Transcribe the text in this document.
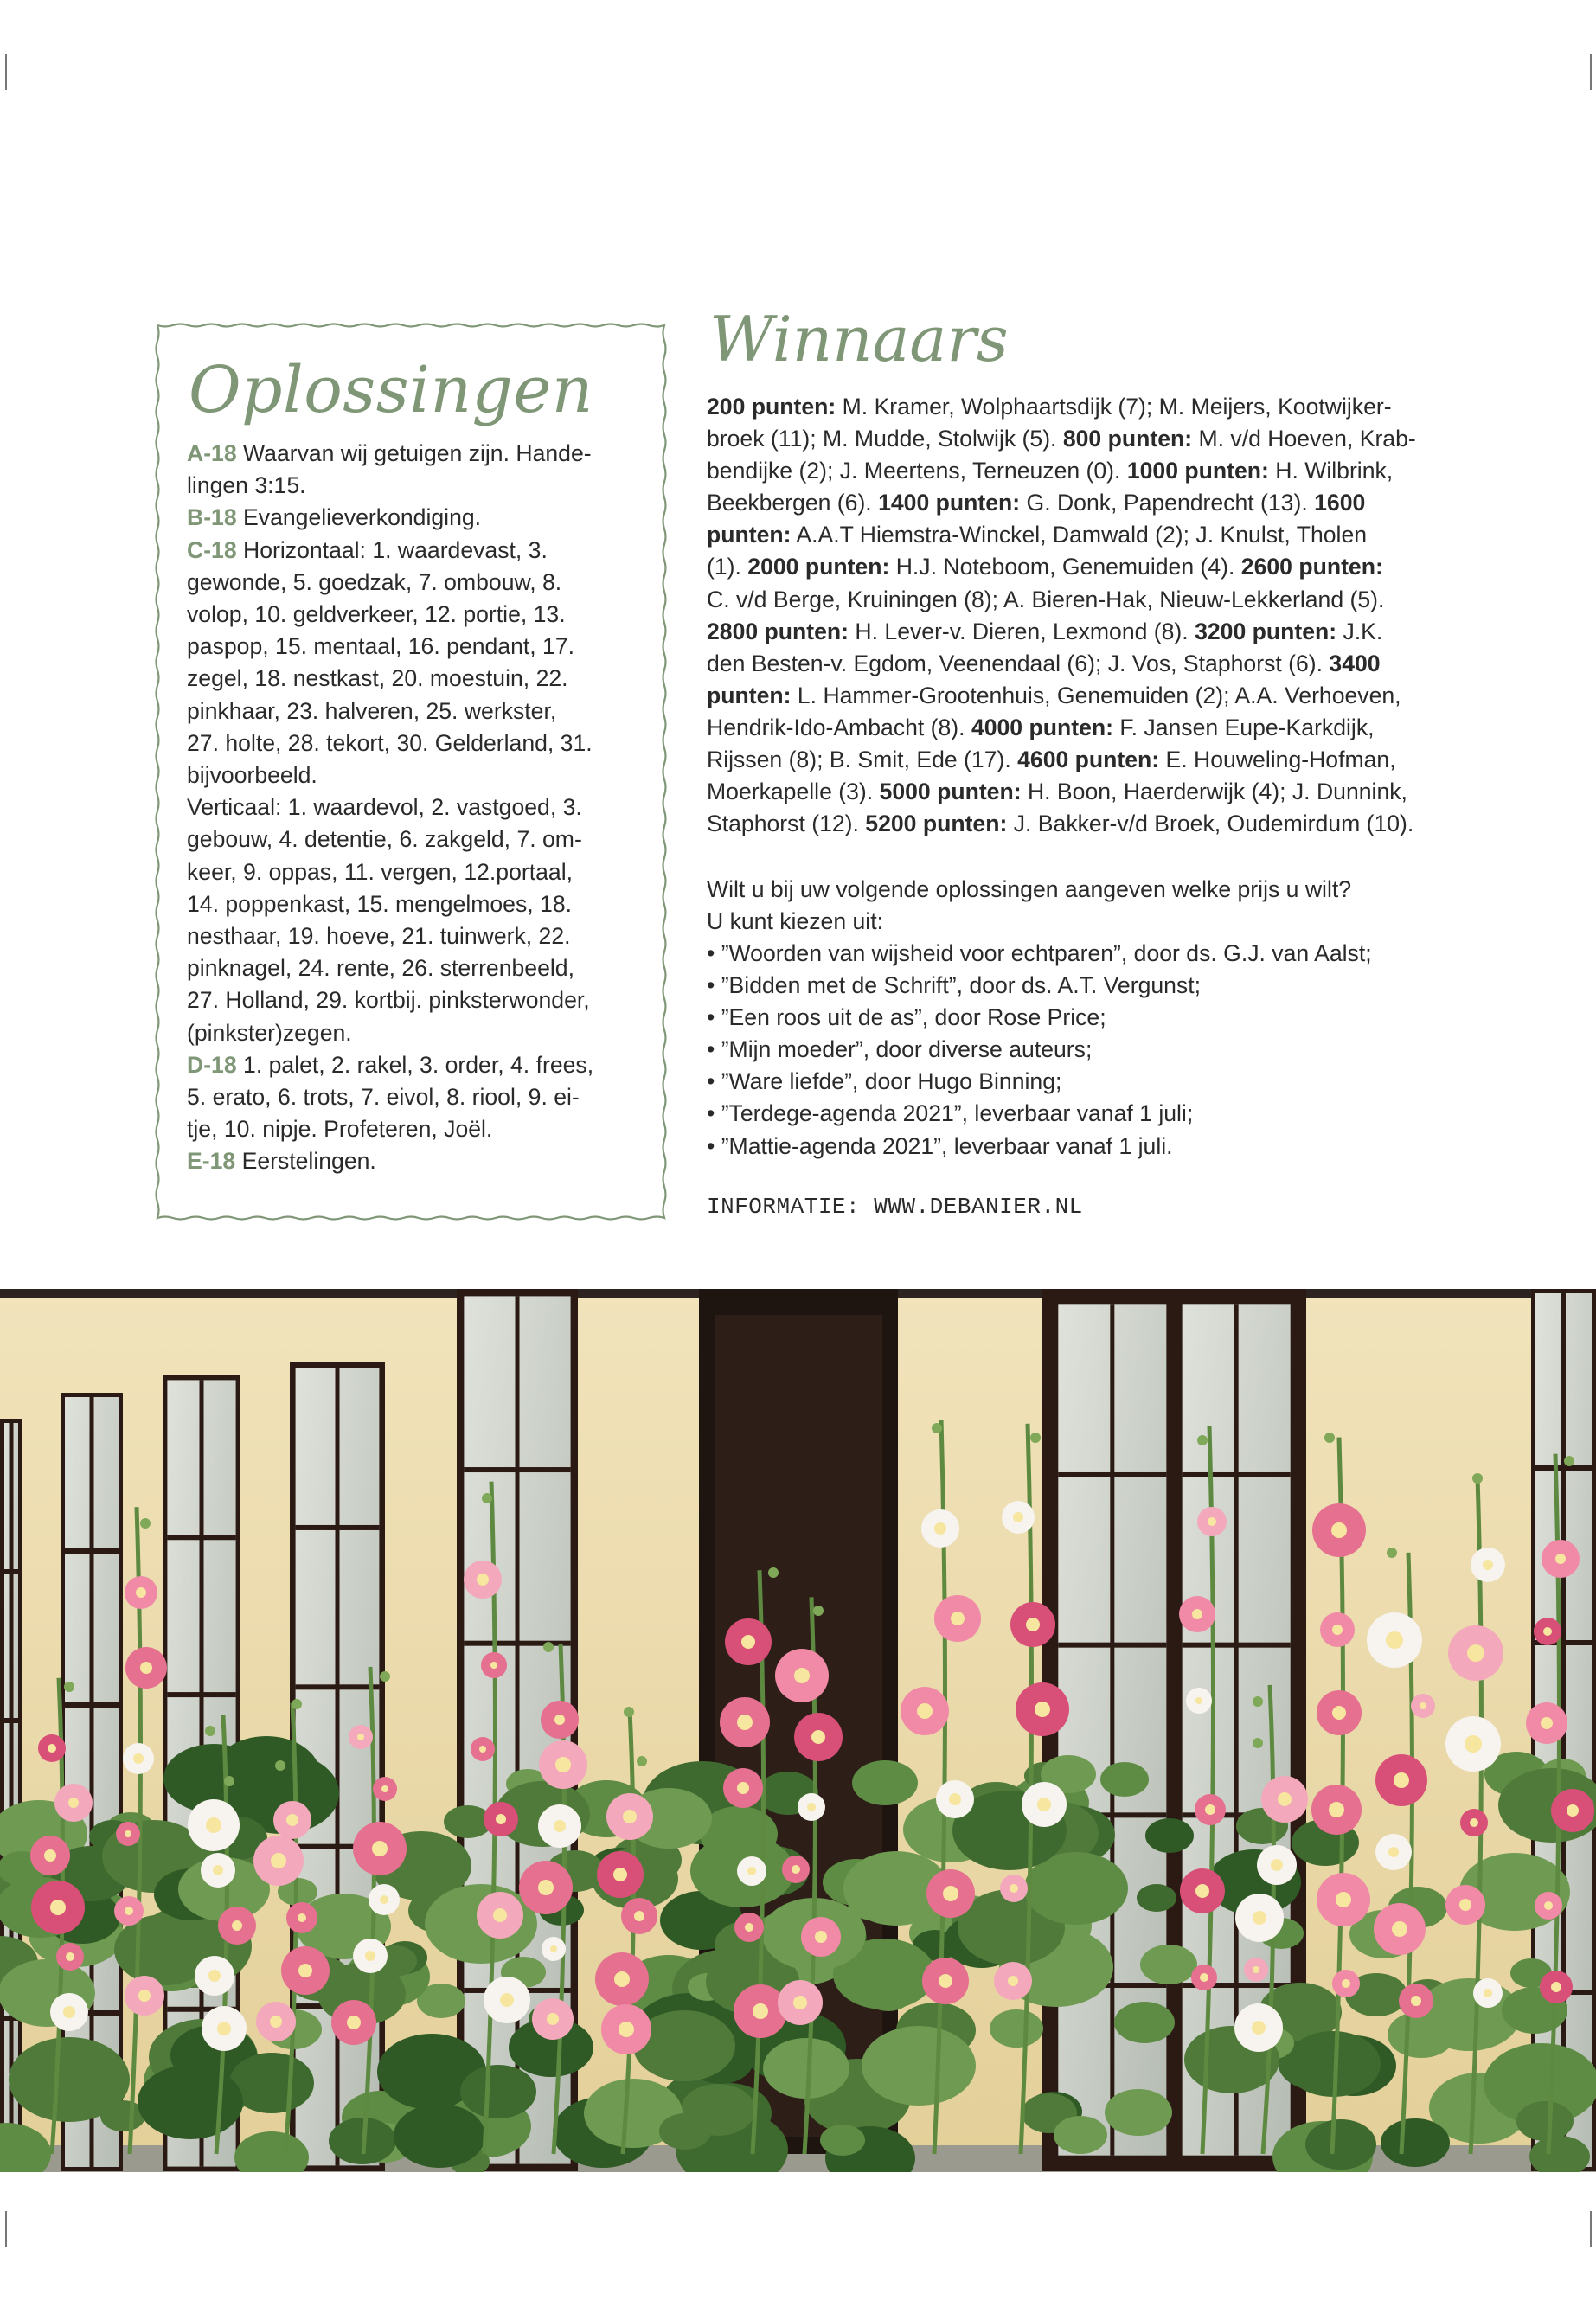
Oplossingen
A-18 Waarvan wij getuigen zijn. Hande-
lingen 3:15.
B-18 Evangelieverkondiging.
C-18 Horizontaal: 1. waardevast, 3.
gewonde, 5. goedzak, 7. ombouw, 8.
volop, 10. geldverkeer, 12. portie, 13.
paspop, 15. mentaal, 16. pendant, 17.
zegel, 18. nestkast, 20. moestuin, 22.
pinkhaar, 23. halveren, 25. werkster,
27. holte, 28. tekort, 30. Gelderland, 31.
bijvoorbeeld.
Verticaal: 1. waardevol, 2. vastgoed, 3.
gebouw, 4. detentie, 6. zakgeld, 7. om-
keer, 9. oppas, 11. vergen, 12.portaal,
14. poppenkast, 15. mengelmoes, 18.
nesthaar, 19. hoeve, 21. tuinwerk, 22.
pinknagel, 24. rente, 26. sterrenbeeld,
27. Holland, 29. kortbij. pinksterwonder,
(pinkster)zegen.
D-18 1. palet, 2. rakel, 3. order, 4. frees,
5. erato, 6. trots, 7. eivol, 8. riool, 9. ei-
tje, 10. nipje. Profeteren, Joël.
E-18 Eerstelingen.
Winnaars
200 punten: M. Kramer, Wolphaartsdijk (7); M. Meijers, Kootwijker-
broek (11); M. Mudde, Stolwijk (5). 800 punten: M. v/d Hoeven, Krab-
bendijke (2); J. Meertens, Terneuzen (0). 1000 punten: H. Wilbrink,
Beekbergen (6). 1400 punten: G. Donk, Papendrecht (13). 1600
punten: A.A.T Hiemstra-Winckel, Damwald (2); J. Knulst, Tholen
(1). 2000 punten: H.J. Noteboom, Genemuiden (4). 2600 punten:
C. v/d Berge, Kruiningen (8); A. Bieren-Hak, Nieuw-Lekkerland (5).
2800 punten: H. Lever-v. Dieren, Lexmond (8). 3200 punten: J.K.
den Besten-v. Egdom, Veenendaal (6); J. Vos, Staphorst (6). 3400
punten: L. Hammer-Grootenhuis, Genemuiden (2); A.A. Verhoeven,
Hendrik-Ido-Ambacht (8). 4000 punten: F. Jansen Eupe-Karkdijk,
Rijssen (8); B. Smit, Ede (17). 4600 punten: E. Houweling-Hofman,
Moerkapelle (3). 5000 punten: H. Boon, Haerderwijk (4); J. Dunnink,
Staphorst (12). 5200 punten: J. Bakker-v/d Broek, Oudemirdum (10).
Wilt u bij uw volgende oplossingen aangeven welke prijs u wilt?
U kunt kiezen uit:
• ”Woorden van wijsheid voor echtparen”, door ds. G.J. van Aalst;
• ”Bidden met de Schrift”, door ds. A.T. Vergunst;
• ”Een roos uit de as”, door Rose Price;
• ”Mijn moeder”, door diverse auteurs;
• ”Ware liefde”, door Hugo Binning;
• ”Terdege-agenda 2021”, leverbaar vanaf 1 juli;
• ”Mattie-agenda 2021”, leverbaar vanaf 1 juli.
INFORMATIE: WWW.DEBANIER.NL
